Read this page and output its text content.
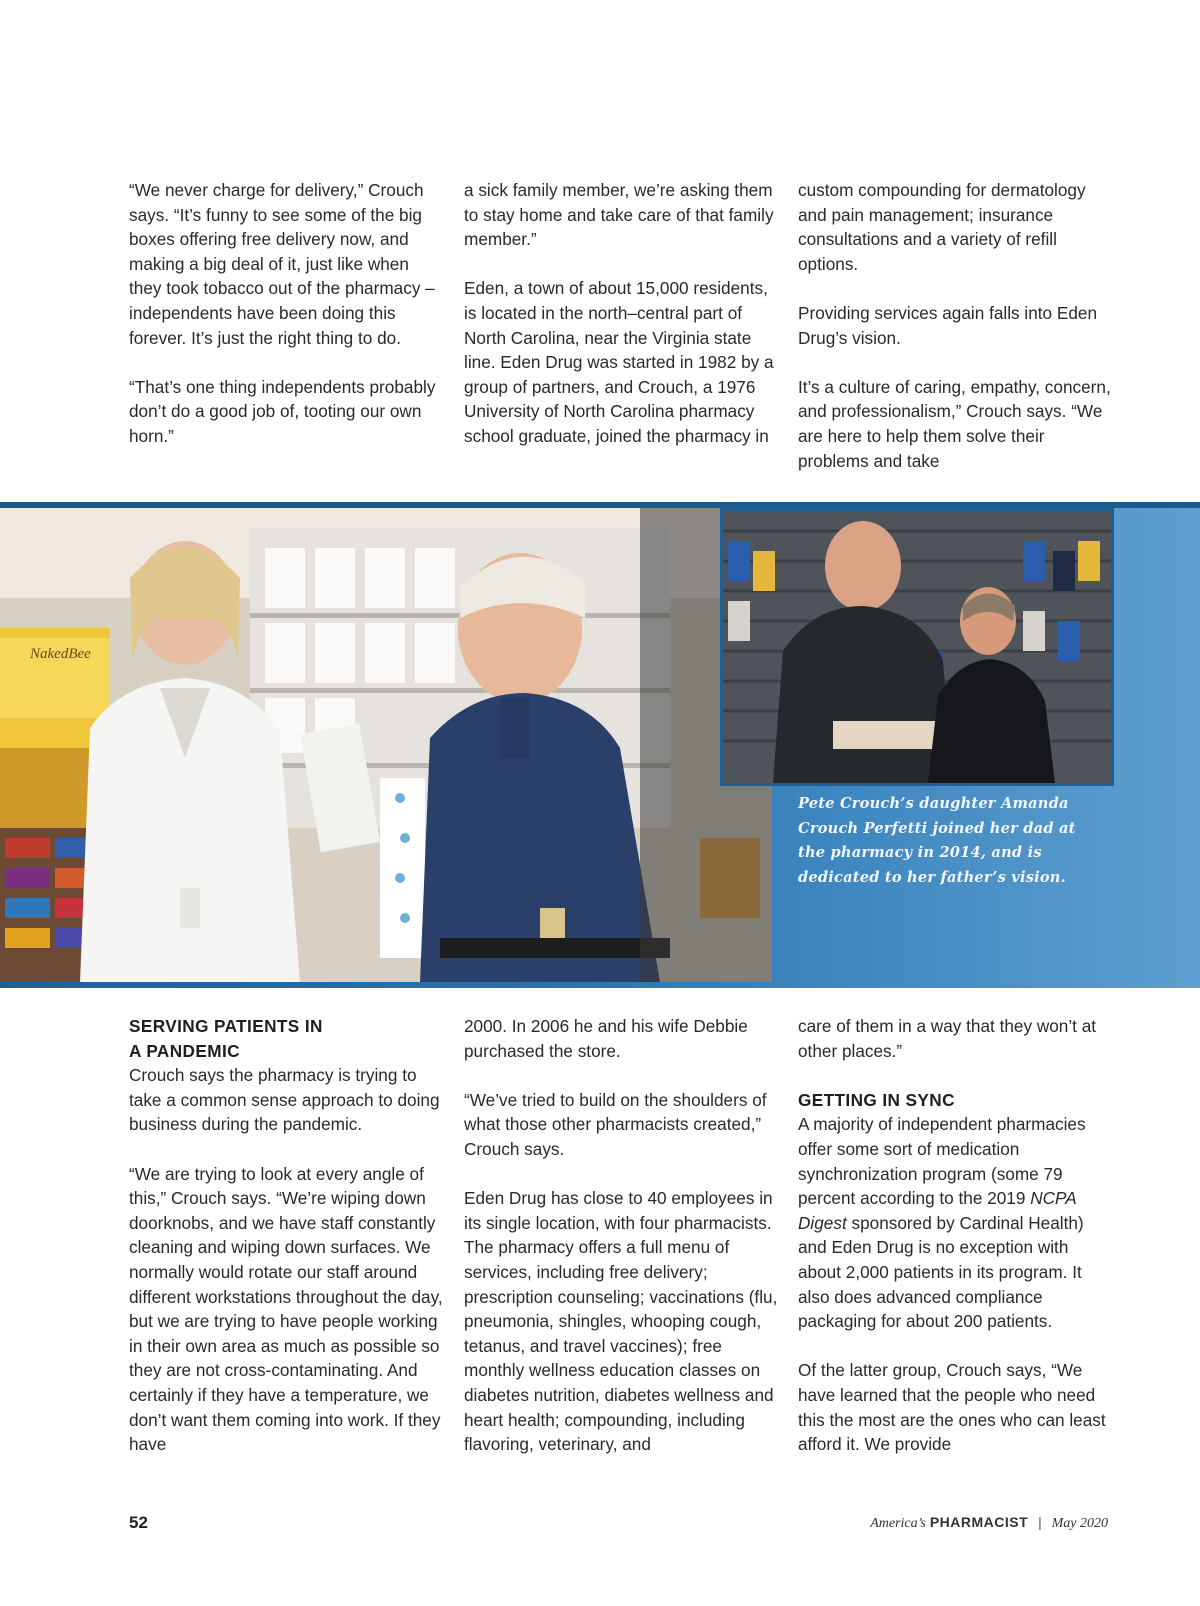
“We never charge for delivery,” Crouch says. “It’s funny to see some of the big boxes offering free delivery now, and making a big deal of it, just like when they took tobacco out of the pharmacy – independents have been doing this forever. It’s just the right thing to do.

“That’s one thing independents probably don’t do a good job of, tooting our own horn.”

a sick family member, we’re asking them to stay home and take care of that family member.”

Eden, a town of about 15,000 residents, is located in the north–central part of North Carolina, near the Virginia state line. Eden Drug was started in 1982 by a group of partners, and Crouch, a 1976 University of North Carolina pharmacy school graduate, joined the pharmacy in

custom compounding for dermatology and pain management; insurance consultations and a variety of refill options.

Providing services again falls into Eden Drug’s vision.

It’s a culture of caring, empathy, concern, and professionalism,” Crouch says. “We are here to help them solve their problems and take

NakedBee
Pete Crouch’s daughter Amanda Crouch Perfetti joined her dad at the pharmacy in 2014, and is dedicated to her father’s vision.
SERVING PATIENTS IN
A PANDEMIC

Crouch says the pharmacy is trying to take a common sense approach to doing business during the pandemic.

“We are trying to look at every angle of this,” Crouch says. “We’re wiping down doorknobs, and we have staff constantly cleaning and wiping down surfaces. We normally would rotate our staff around different workstations throughout the day, but we are trying to have people working in their own area as much as possible so they are not cross-contaminating. And certainly if they have a temperature, we don’t want them coming into work. If they have

2000. In 2006 he and his wife Debbie purchased the store.

“We’ve tried to build on the shoulders of what those other pharmacists created,” Crouch says.

Eden Drug has close to 40 employees in its single location, with four pharmacists. The pharmacy offers a full menu of services, including free delivery; prescription counseling; vaccinations (flu, pneumonia, shingles, whooping cough, tetanus, and travel vaccines); free monthly wellness education classes on diabetes nutrition, diabetes wellness and heart health; compounding, including flavoring, veterinary, and

care of them in a way that they won’t at other places.”

GETTING IN SYNC

A majority of independent pharmacies offer some sort of medication synchronization program (some 79 percent according to the 2019 NCPA Digest sponsored by Cardinal Health) and Eden Drug is no exception with about 2,000 patients in its program. It also does advanced compliance packaging for about 200 patients.

Of the latter group, Crouch says, “We have learned that the people who need this the most are the ones who can least afford it. We provide

52	America’s PHARMACIST | May 2020
